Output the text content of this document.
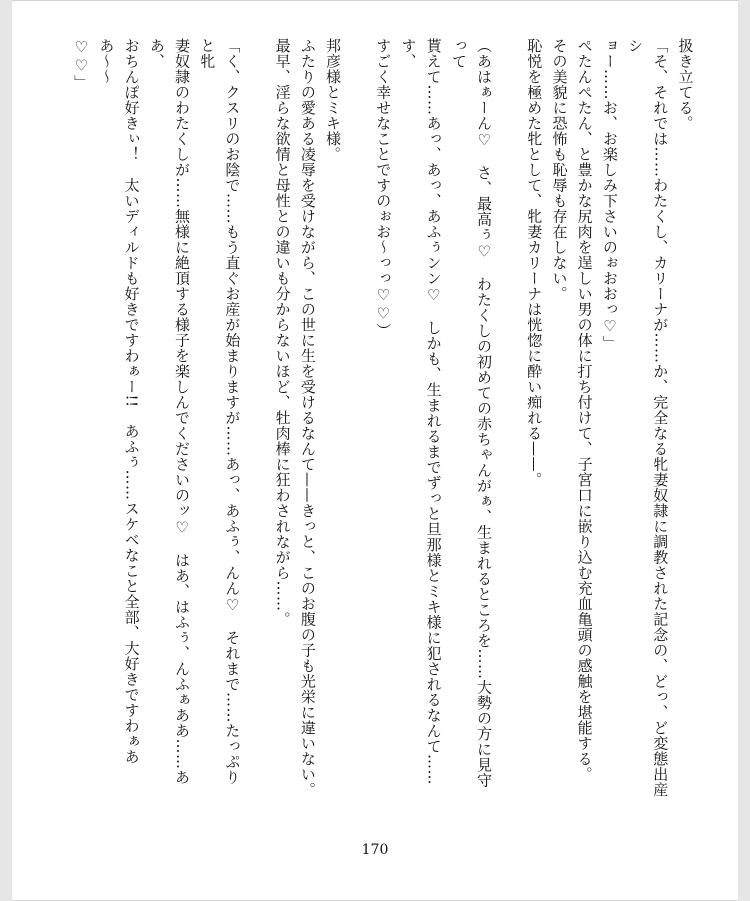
扱き立てる。

「そ、それでは……わたくし、カリーナが……か、完全なる牝妻奴隷に調教された記念の、どっ、ど変態出産シ

ョー……お、お楽しみ下さいのぉおおっ♡」

ぺたんぺたん、と豊かな尻肉を逞しい男の体に打ち付けて、子宮口に嵌り込む充血亀頭の感触を堪能する。

その美貌に恐怖も恥辱も存在しない。

恥悦を極めた牝として、牝妻カリーナは恍惚に酔い痴れる——。

（あはぁーん♡　さ、最高ぅ♡　わたくしの初めての赤ちゃんがぁ、生まれるところを……大勢の方に見守って

貰えて……あっ、あっ、あふぅンン♡　しかも、生まれるまでずっと旦那様とミキ様に犯されるなんて……す、

すごく幸せなことですのぉお〜っっ♡♡）

邦彦様とミキ様。

ふたりの愛ある凌辱を受けながら、この世に生を受けるなんて——きっと、このお腹の子も光栄に違いない。

最早、淫らな欲情と母性との違いも分からないほど、牡肉棒に狂わされながら……。

「く、クスリのお陰で……もう直ぐお産が始まりますが……あっ、あふぅ、んん♡　それまで……たっぷりと牝

妻奴隷のわたくしが……無様に絶頂する様子を楽しんでくださいのッ♡　はあ、はふぅ、んふぁああ……ああ、

おちんぽ好きぃ！　太いディルドも好きですわぁー!!　あふぅ……スケベなこと全部、大好きですわぁああ〜〜

♡♡」

170
